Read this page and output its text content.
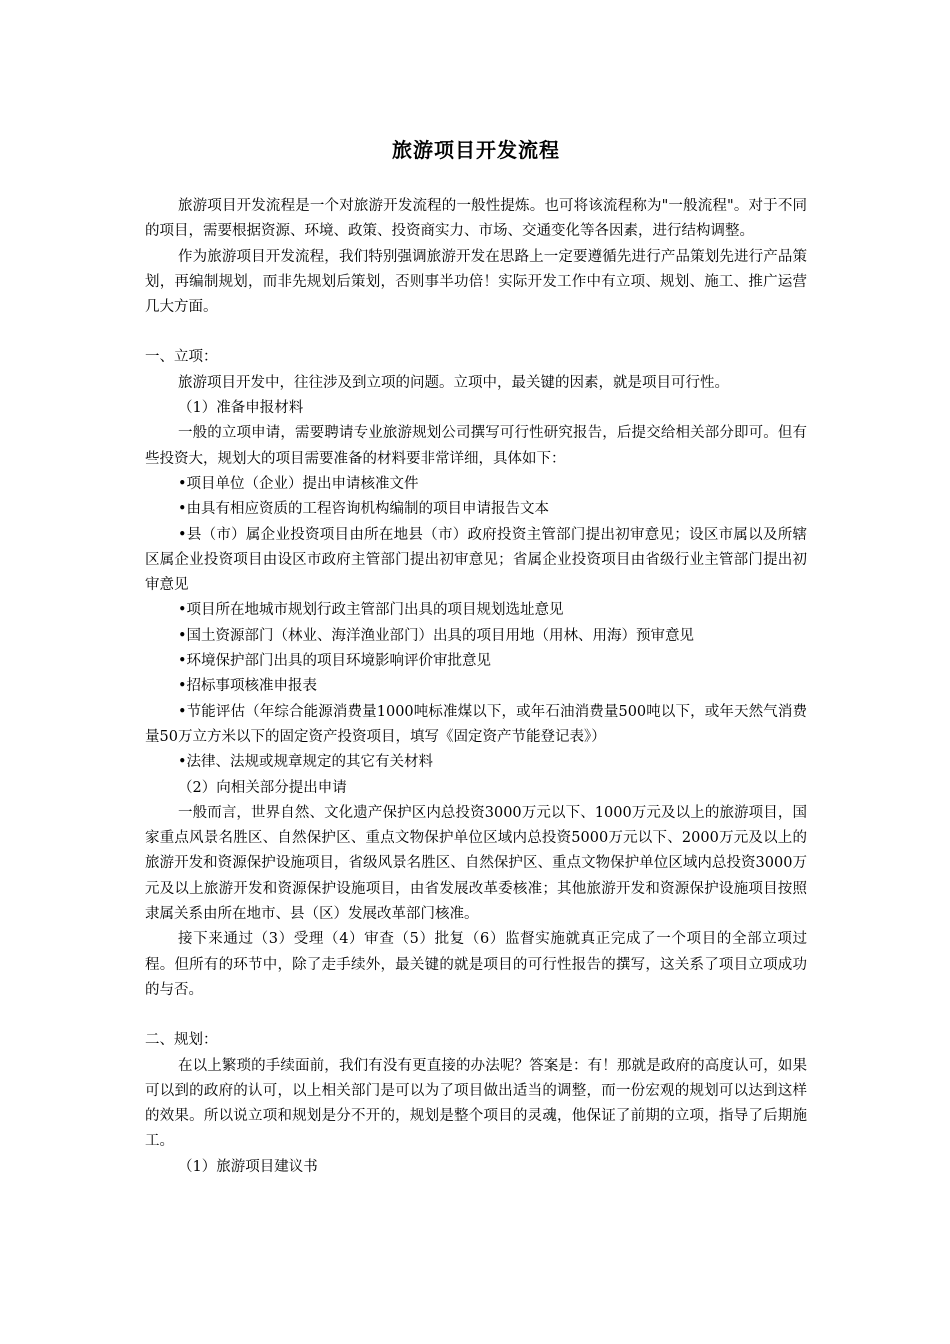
旅游项目开发流程

旅游项目开发流程是一个对旅游开发流程的一般性提炼。也可将该流程称为"一般流程"。对于不同的项目，需要根据资源、环境、政策、投资商实力、市场、交通变化等各因素，进行结构调整。

作为旅游项目开发流程，我们特别强调旅游开发在思路上一定要遵循先进行产品策划先进行产品策划，再编制规划，而非先规划后策划，否则事半功倍！实际开发工作中有立项、规划、施工、推广运营几大方面。

一、立项：

旅游项目开发中，往往涉及到立项的问题。立项中，最关键的因素，就是项目可行性。

（1）准备申报材料

一般的立项申请，需要聘请专业旅游规划公司撰写可行性研究报告，后提交给相关部分即可。但有些投资大，规划大的项目需要准备的材料要非常详细，具体如下：

•项目单位（企业）提出申请核准文件

•由具有相应资质的工程咨询机构编制的项目申请报告文本

•县（市）属企业投资项目由所在地县（市）政府投资主管部门提出初审意见；设区市属以及所辖区属企业投资项目由设区市政府主管部门提出初审意见；省属企业投资项目由省级行业主管部门提出初审意见

•项目所在地城市规划行政主管部门出具的项目规划选址意见

•国土资源部门（林业、海洋渔业部门）出具的项目用地（用林、用海）预审意见

•环境保护部门出具的项目环境影响评价审批意见

•招标事项核准申报表

•节能评估（年综合能源消费量1000吨标准煤以下，或年石油消费量500吨以下，或年天然气消费量50万立方米以下的固定资产投资项目，填写《固定资产节能登记表》）

•法律、法规或规章规定的其它有关材料

（2）向相关部分提出申请

一般而言，世界自然、文化遗产保护区内总投资3000万元以下、1000万元及以上的旅游项目，国家重点风景名胜区、自然保护区、重点文物保护单位区域内总投资5000万元以下、2000万元及以上的旅游开发和资源保护设施项目，省级风景名胜区、自然保护区、重点文物保护单位区域内总投资3000万元及以上旅游开发和资源保护设施项目，由省发展改革委核准；其他旅游开发和资源保护设施项目按照隶属关系由所在地市、县（区）发展改革部门核准。

接下来通过（3）受理（4）审查（5）批复（6）监督实施就真正完成了一个项目的全部立项过程。但所有的环节中，除了走手续外，最关键的就是项目的可行性报告的撰写，这关系了项目立项成功的与否。

二、规划：

在以上繁琐的手续面前，我们有没有更直接的办法呢？答案是：有！那就是政府的高度认可，如果可以到的政府的认可，以上相关部门是可以为了项目做出适当的调整，而一份宏观的规划可以达到这样的效果。所以说立项和规划是分不开的，规划是整个项目的灵魂，他保证了前期的立项，指导了后期施工。

（1）旅游项目建议书
